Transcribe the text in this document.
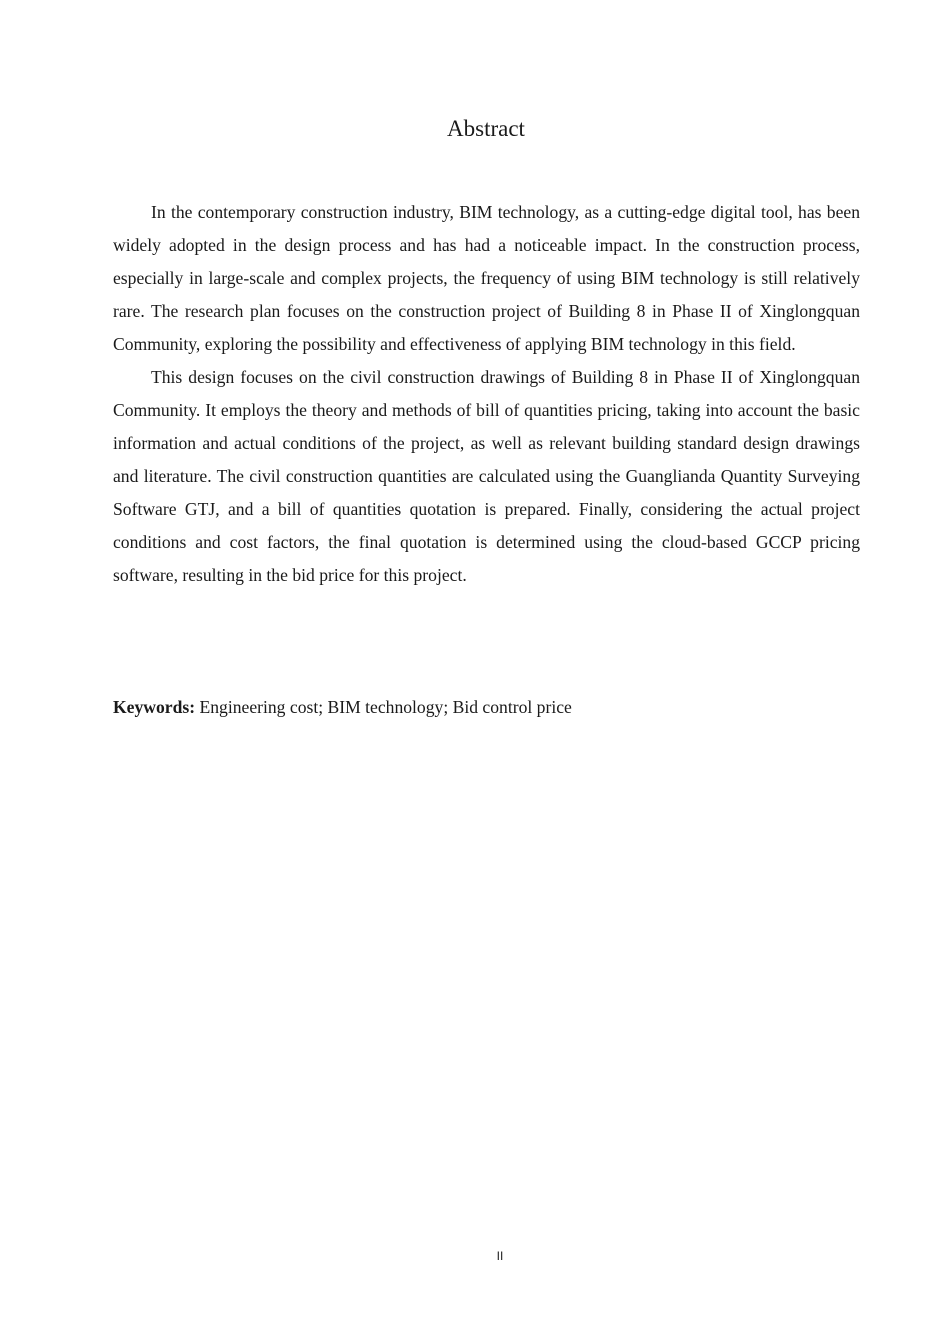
Abstract

In the contemporary construction industry, BIM technology, as a cutting-edge digital tool, has been widely adopted in the design process and has had a noticeable impact. In the construction process, especially in large-scale and complex projects, the frequency of using BIM technology is still relatively rare. The research plan focuses on the construction project of Building 8 in Phase II of Xinglongquan Community, exploring the possibility and effectiveness of applying BIM technology in this field.

This design focuses on the civil construction drawings of Building 8 in Phase II of Xinglongquan Community. It employs the theory and methods of bill of quantities pricing, taking into account the basic information and actual conditions of the project, as well as relevant building standard design drawings and literature. The civil construction quantities are calculated using the Guanglianda Quantity Surveying Software GTJ, and a bill of quantities quotation is prepared. Finally, considering the actual project conditions and cost factors, the final quotation is determined using the cloud-based GCCP pricing software, resulting in the bid price for this project.

Keywords: Engineering cost; BIM technology; Bid control price

II
